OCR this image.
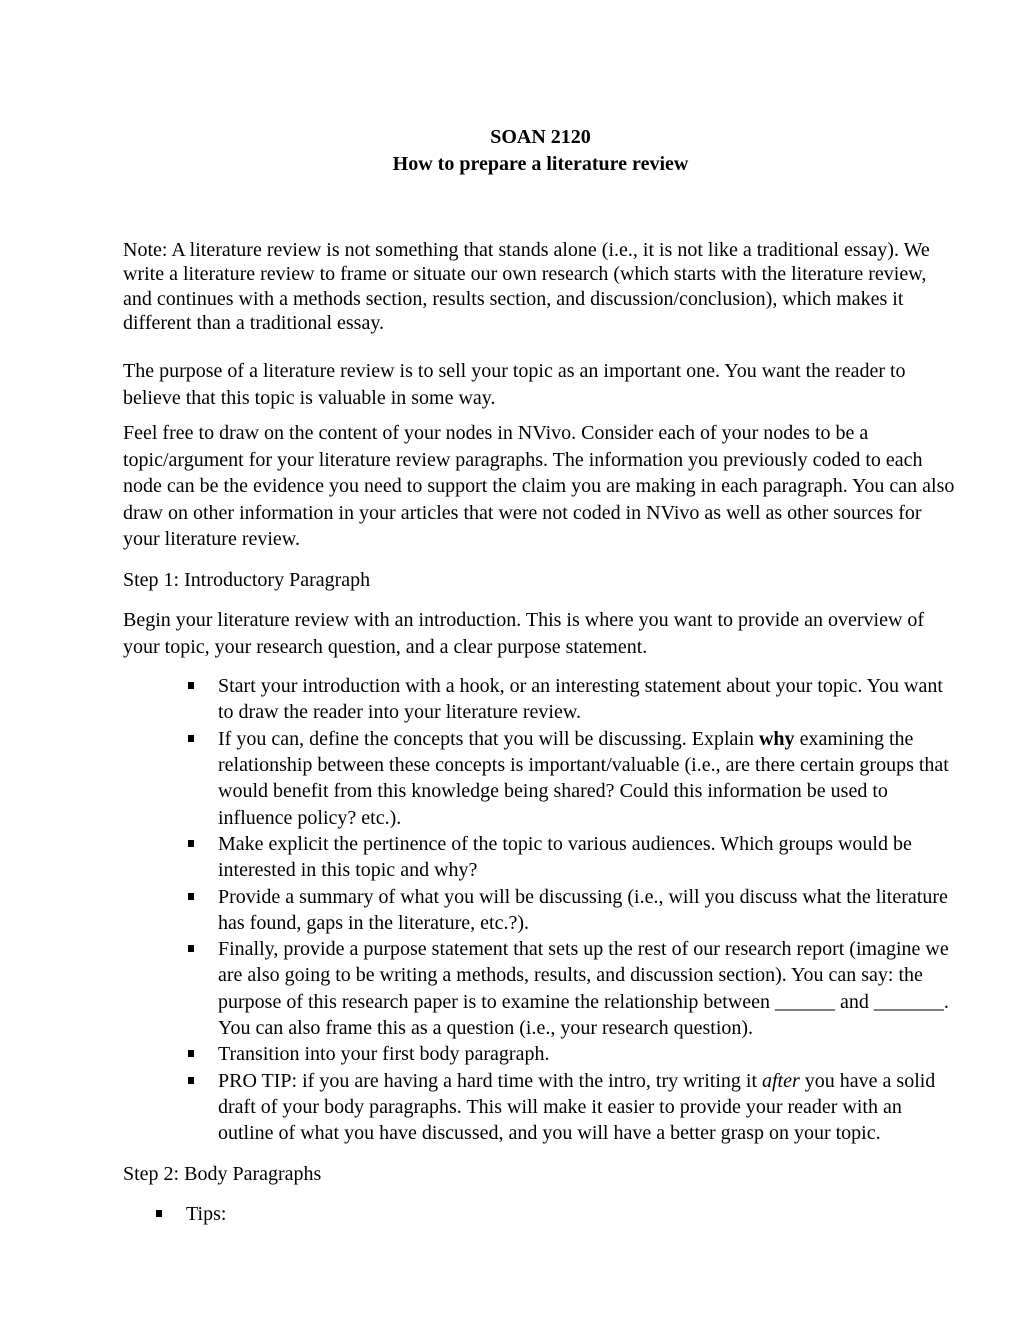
SOAN 2120
How to prepare a literature review

Note: A literature review is not something that stands alone (i.e., it is not like a traditional essay). We write a literature review to frame or situate our own research (which starts with the literature review, and continues with a methods section, results section, and discussion/conclusion), which makes it different than a traditional essay.

The purpose of a literature review is to sell your topic as an important one. You want the reader to believe that this topic is valuable in some way.

Feel free to draw on the content of your nodes in NVivo. Consider each of your nodes to be a topic/argument for your literature review paragraphs. The information you previously coded to each node can be the evidence you need to support the claim you are making in each paragraph. You can also draw on other information in your articles that were not coded in NVivo as well as other sources for your literature review.

Step 1: Introductory Paragraph

Begin your literature review with an introduction. This is where you want to provide an overview of your topic, your research question, and a clear purpose statement.

Start your introduction with a hook, or an interesting statement about your topic. You want to draw the reader into your literature review.
If you can, define the concepts that you will be discussing. Explain why examining the relationship between these concepts is important/valuable (i.e., are there certain groups that would benefit from this knowledge being shared? Could this information be used to influence policy? etc.).
Make explicit the pertinence of the topic to various audiences. Which groups would be interested in this topic and why?
Provide a summary of what you will be discussing (i.e., will you discuss what the literature has found, gaps in the literature, etc.?).
Finally, provide a purpose statement that sets up the rest of our research report (imagine we are also going to be writing a methods, results, and discussion section). You can say: the purpose of this research paper is to examine the relationship between ______ and _______. You can also frame this as a question (i.e., your research question).
Transition into your first body paragraph.
PRO TIP: if you are having a hard time with the intro, try writing it after you have a solid draft of your body paragraphs. This will make it easier to provide your reader with an outline of what you have discussed, and you will have a better grasp on your topic.

Step 2: Body Paragraphs

Tips:
